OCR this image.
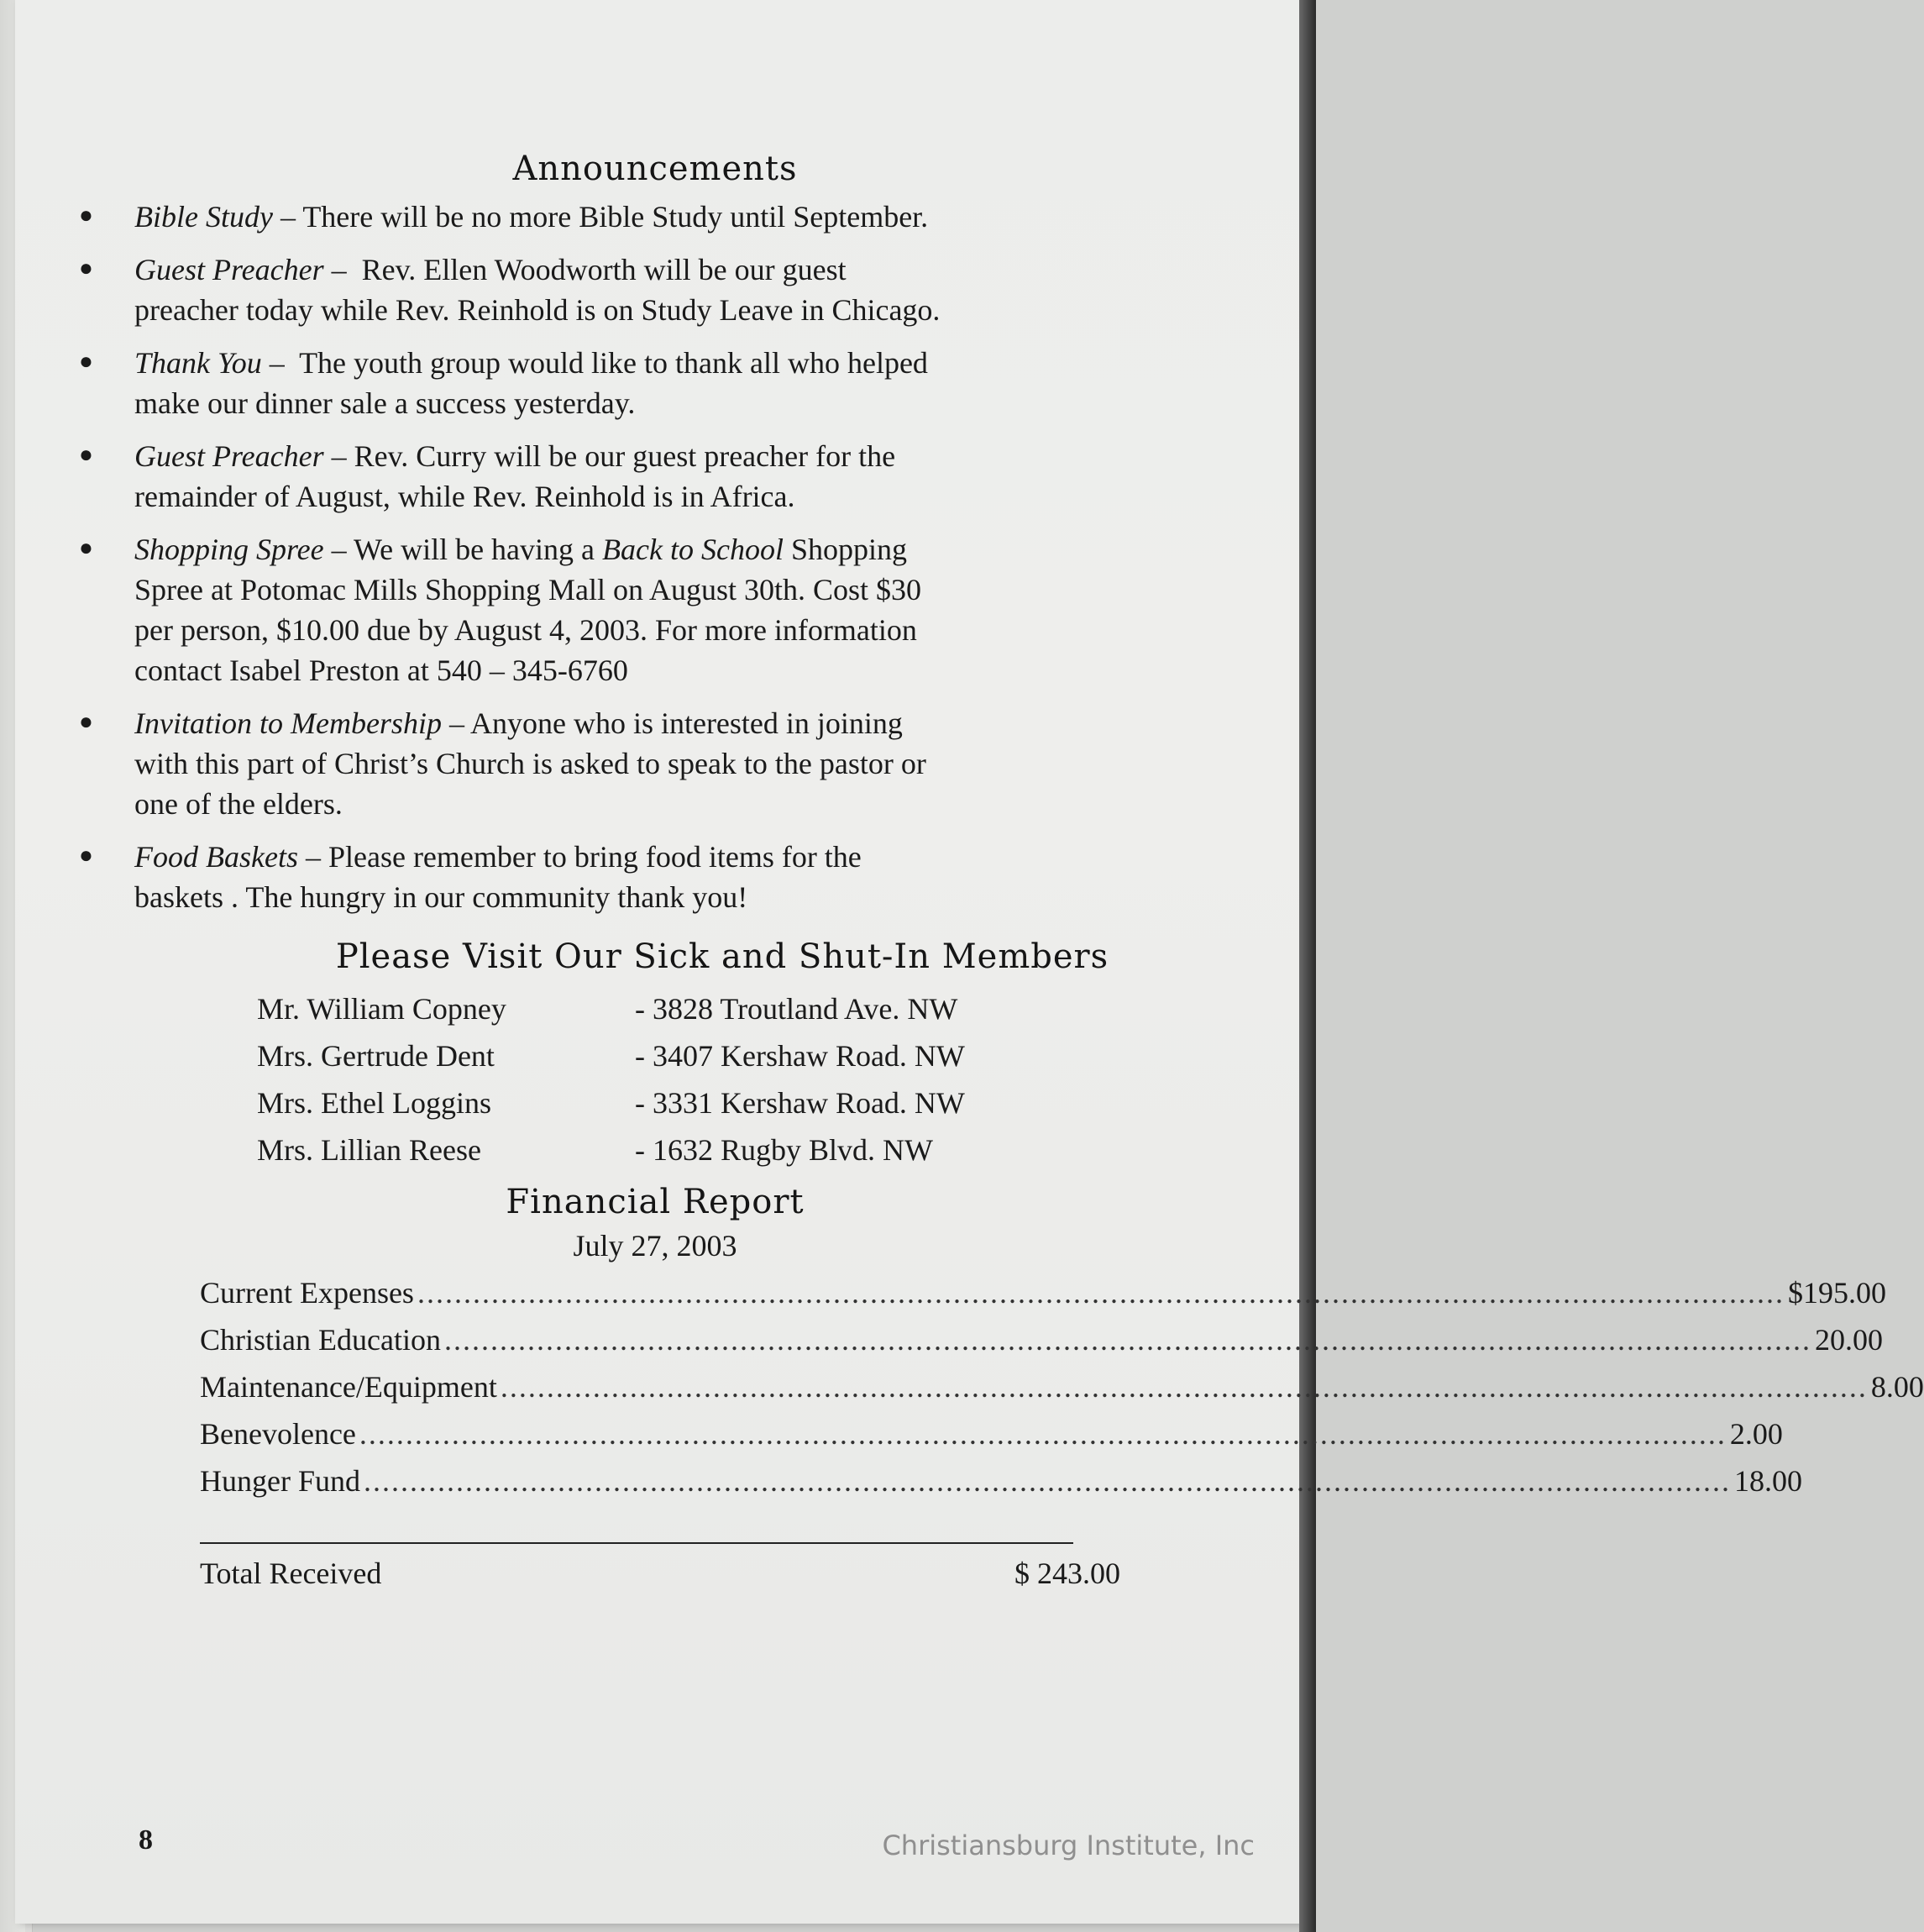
Announcements
● Bible Study – There will be no more Bible Study until September.
● Guest Preacher –  Rev. Ellen Woodworth will be our guest
preacher today while Rev. Reinhold is on Study Leave in Chicago.
● Thank You –  The youth group would like to thank all who helped
make our dinner sale a success yesterday.
● Guest Preacher – Rev. Curry will be our guest preacher for the
remainder of August, while Rev. Reinhold is in Africa.
● Shopping Spree – We will be having a Back to School Shopping
Spree at Potomac Mills Shopping Mall on August 30th. Cost $30
per person, $10.00 due by August 4, 2003. For more information
contact Isabel Preston at 540 – 345-6760
● Invitation to Membership – Anyone who is interested in joining
with this part of Christ’s Church is asked to speak to the pastor or
one of the elders.
● Food Baskets – Please remember to bring food items for the
baskets . The hungry in our community thank you!
Please Visit Our Sick and Shut-In Members
Mr. William Copney	- 3828 Troutland Ave. NW
Mrs. Gertrude Dent	- 3407 Kershaw Road. NW
Mrs. Ethel Loggins	- 3331 Kershaw Road. NW
Mrs. Lillian Reese	- 1632 Rugby Blvd. NW
Financial Report
July 27, 2003
Current Expenses .................................................................................................................................................... $195.00
Christian Education .................................................................................................................................................... 20.00
Maintenance/Equipment .................................................................................................................................................... 8.00
Benevolence .................................................................................................................................................... 2.00
Hunger Fund .................................................................................................................................................... 18.00
Total Received	$ 243.00
8	Christiansburg Institute, Inc
